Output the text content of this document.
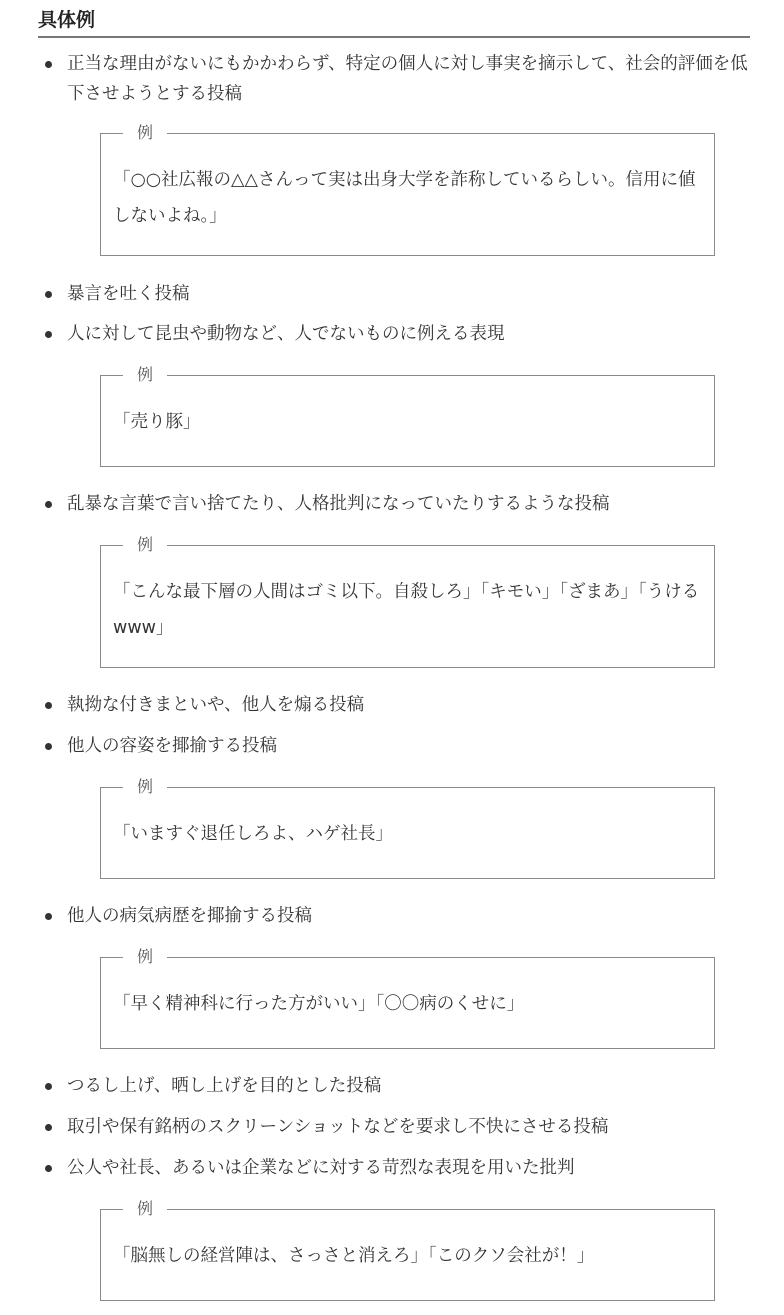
具体例
正当な理由がないにもかかわらず、特定の個人に対し事実を摘示して、社会的評価を低下させようとする投稿
例
「○○社広報の△△さんって実は出身大学を詐称しているらしい。信用に値しないよね。」
暴言を吐く投稿
人に対して昆虫や動物など、人でないものに例える表現
例
「売り豚」
乱暴な言葉で言い捨てたり、人格批判になっていたりするような投稿
例
「こんな最下層の人間はゴミ以下。自殺しろ」「キモい」「ざまあ」「うけるwww」
執拗な付きまといや、他人を煽る投稿
他人の容姿を揶揄する投稿
例
「いますぐ退任しろよ、ハゲ社長」
他人の病気病歴を揶揄する投稿
例
「早く精神科に行った方がいい」「〇〇病のくせに」
つるし上げ、晒し上げを目的とした投稿
取引や保有銘柄のスクリーンショットなどを要求し不快にさせる投稿
公人や社長、あるいは企業などに対する苛烈な表現を用いた批判
例
「脳無しの経営陣は、さっさと消えろ」「このクソ会社が！」
